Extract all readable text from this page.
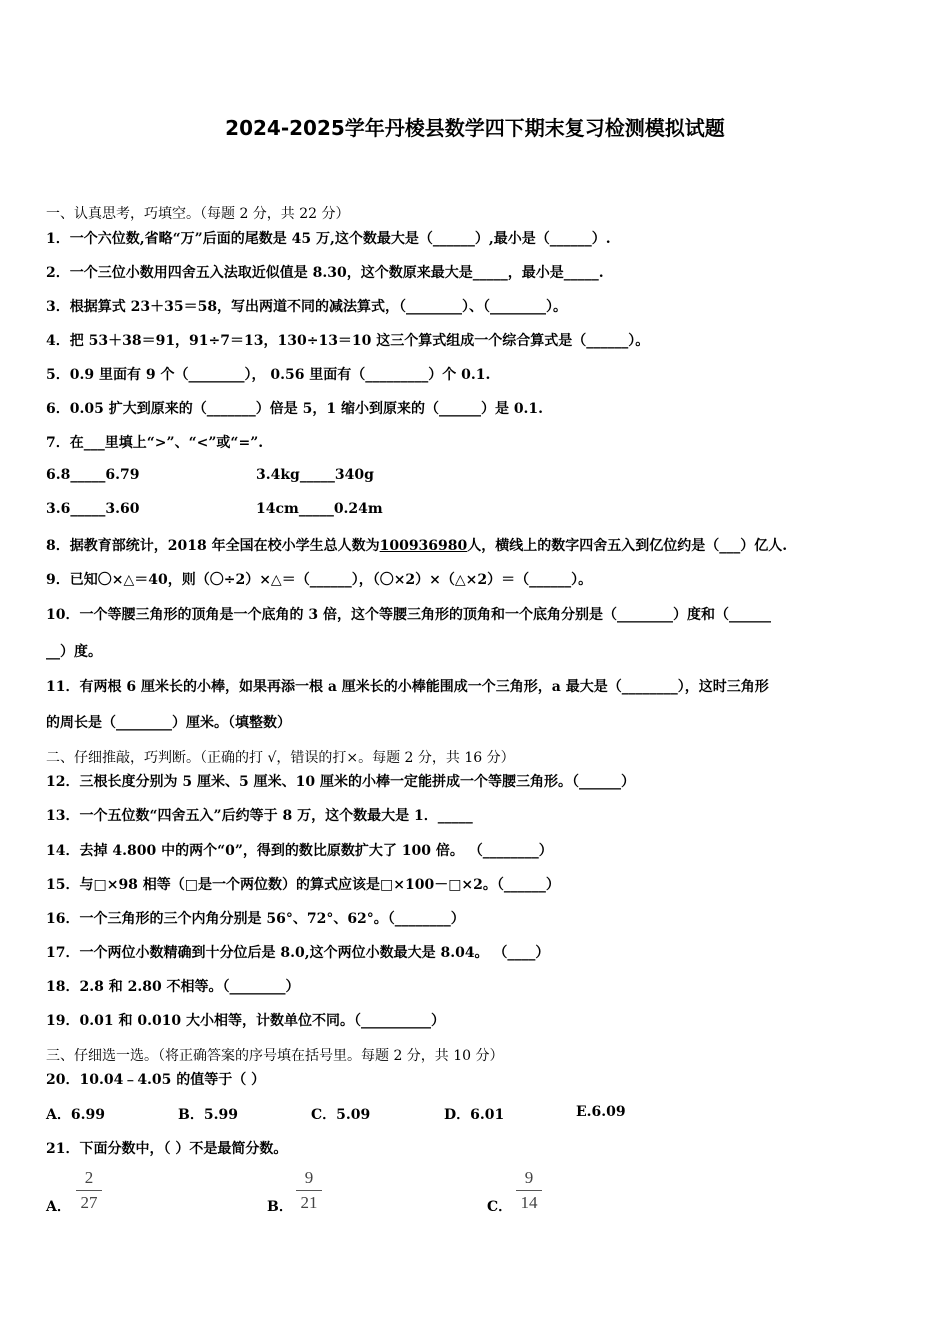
2024-2025学年丹棱县数学四下期末复习检测模拟试题
一、认真思考，巧填空。（每题 2 分，共 22 分）
1．一个六位数,省略“万”后面的尾数是 45 万,这个数最大是（______）,最小是（______）.
2．一个三位小数用四舍五入法取近似值是 8.30，这个数原来最大是_____，最小是_____.
3．根据算式 23＋35＝58，写出两道不同的减法算式，（________）、（________）。
4．把 53＋38＝91，91÷7＝13，130÷13＝10 这三个算式组成一个综合算式是（______）。
5．0.9 里面有 9 个（________）， 0.56 里面有（_________）个 0.1.
6．0.05 扩大到原来的（_______）倍是 5，1 缩小到原来的（______）是 0.1.
7．在___里填上“>”、“<”或“=”.
6.8_____6.79	3.4kg_____340g
3.6_____3.60	14cm_____0.24m
8．据教育部统计，2018 年全国在校小学生总人数为100936980人，横线上的数字四舍五入到亿位约是（___）亿人.
9．已知〇×△＝40，则（〇÷2）×△＝（______），（〇×2）×（△×2）＝（______）。
10．一个等腰三角形的顶角是一个底角的 3 倍，这个等腰三角形的顶角和一个底角分别是（________）度和（______
__）度。
11．有两根 6 厘米长的小棒，如果再添一根 a 厘米长的小棒能围成一个三角形，a 最大是（________），这时三角形
的周长是（________）厘米。（填整数）
二、仔细推敲，巧判断。（正确的打 √，错误的打×。每题 2 分，共 16 分）
12．三根长度分别为 5 厘米、5 厘米、10 厘米的小棒一定能拼成一个等腰三角形。（______）
13．一个五位数“四舍五入”后约等于 8 万，这个数最大是 1．_____
14．去掉 4.800 中的两个“0”，得到的数比原数扩大了 100 倍。 （________）
15．与□×98 相等（□是一个两位数）的算式应该是□×100－□×2。（______）
16．一个三角形的三个内角分别是 56°、72°、62°。（________）
17．一个两位小数精确到十分位后是 8.0,这个两位小数最大是 8.04。 （____）
18．2.8 和 2.80 不相等。（________）
19．0.01 和 0.010 大小相等，计数单位不同。（__________）
三、仔细选一选。（将正确答案的序号填在括号里。每题 2 分，共 10 分）
20．10.04﹣4.05 的值等于（ ）
A．6.99	B．5.99	C．5.09	D．6.01	E.6.09
21．下面分数中，（ ）不是最简分数。
A．
2
27	B．
9
21	C．
9
14
